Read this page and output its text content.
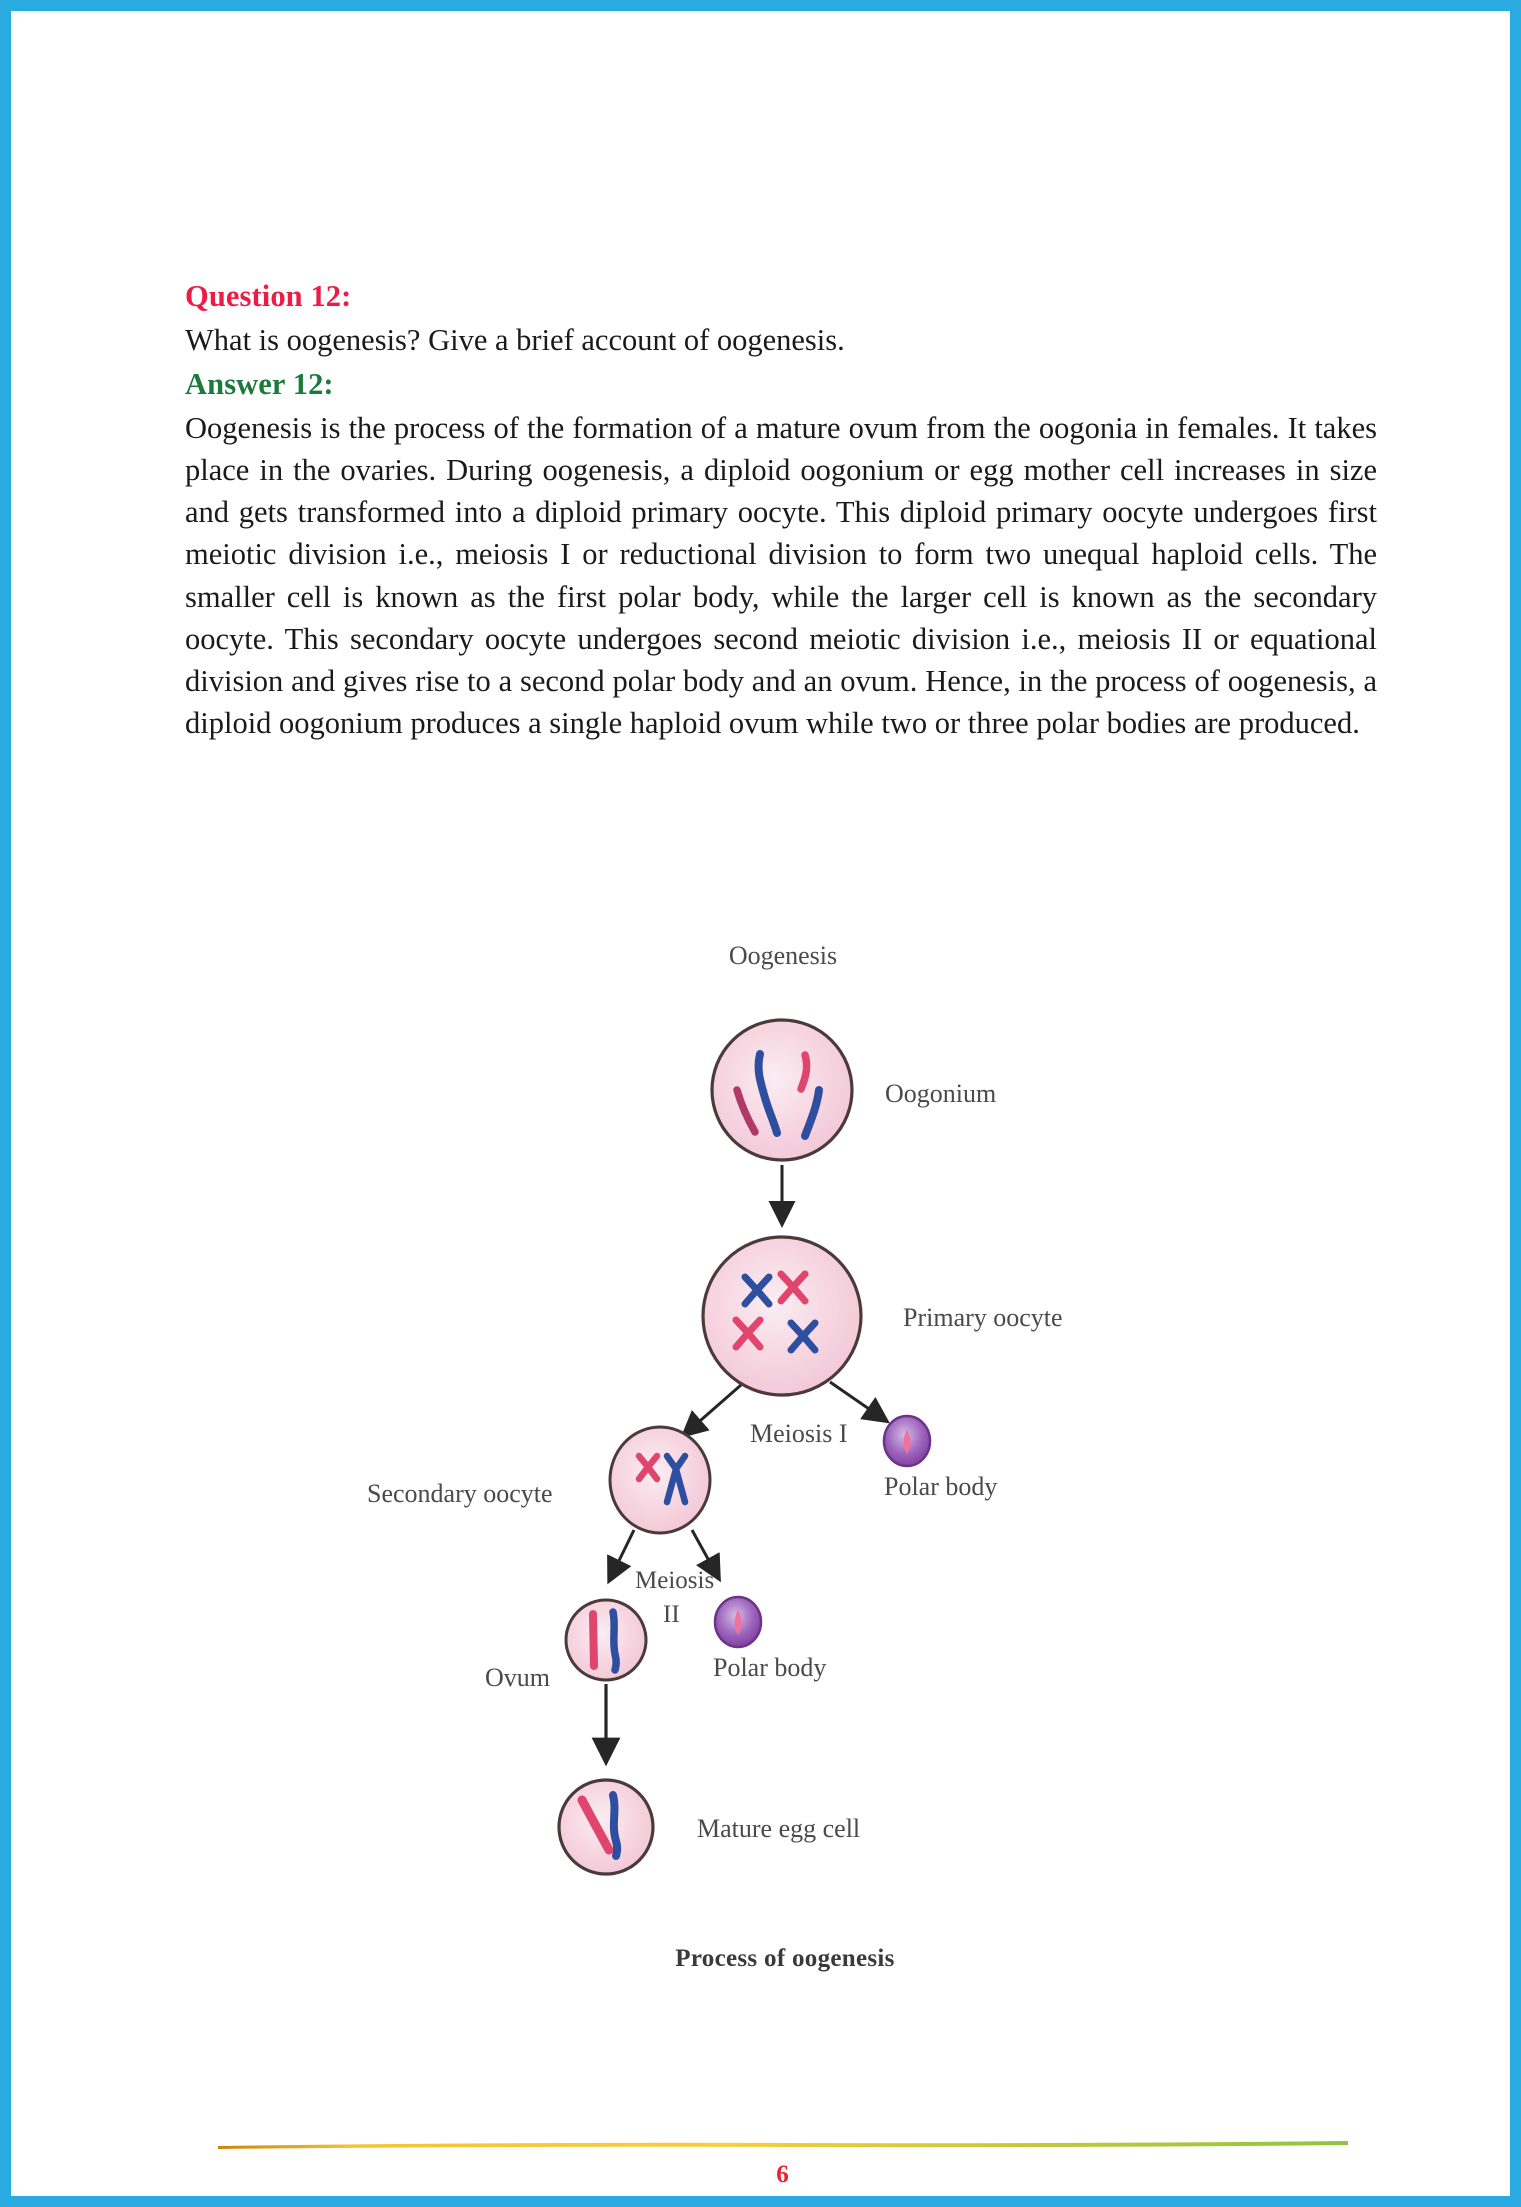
Question 12:
What is oogenesis? Give a brief account of oogenesis.
Answer 12:
Oogenesis is the process of the formation of a mature ovum from the oogonia in females. It takes place in the ovaries. During oogenesis, a diploid oogonium or egg mother cell increases in size and gets transformed into a diploid primary oocyte. This diploid primary oocyte undergoes first meiotic division i.e., meiosis I or reductional division to form two unequal haploid cells. The smaller cell is known as the first polar body, while the larger cell is known as the secondary oocyte. This secondary oocyte undergoes second meiotic division i.e., meiosis II or equational division and gives rise to a second polar body and an ovum. Hence, in the process of oogenesis, a diploid oogonium produces a single haploid ovum while two or three polar bodies are produced.
Oogenesis
Oogonium
Primary oocyte
Meiosis I
Secondary oocyte	Polar body
Meiosis
II
Ovum	Polar body
Mature egg cell
Process of oogenesis
6
